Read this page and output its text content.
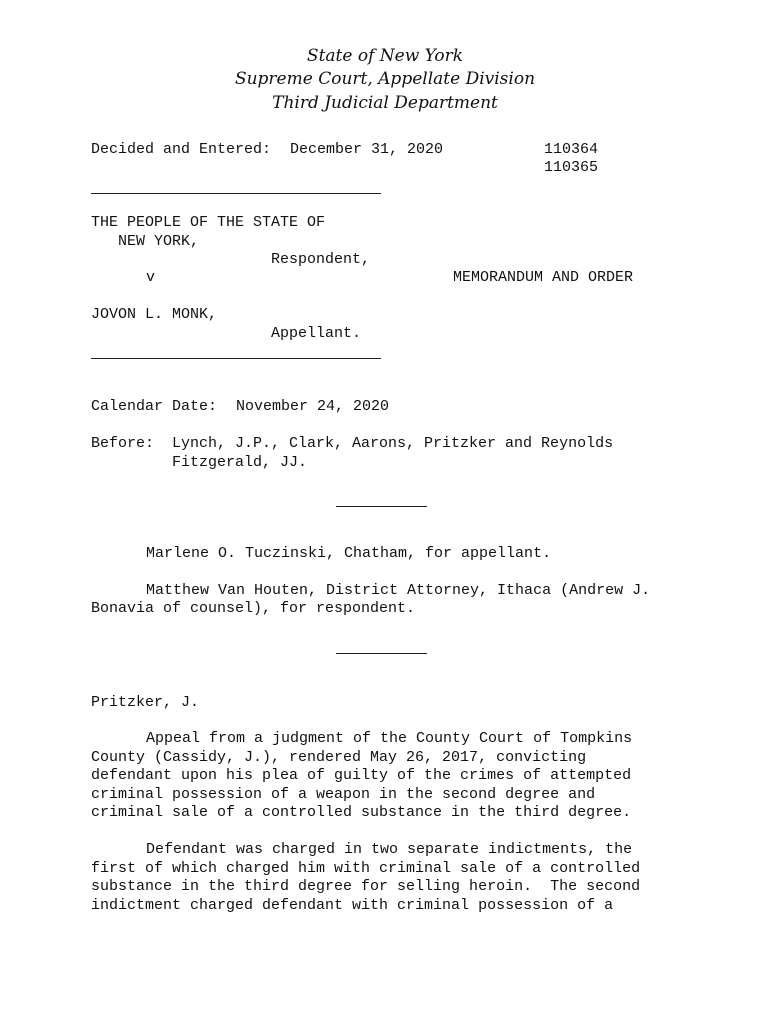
State of New York
Supreme Court, Appellate Division
Third Judicial Department
Decided and Entered: December 31, 2020	110364
110365
THE PEOPLE OF THE STATE OF
NEW YORK,
Respondent,
v	MEMORANDUM AND ORDER
JOVON L. MONK,
Appellant.
Calendar Date: November 24, 2020
Before: Lynch, J.P., Clark, Aarons, Pritzker and Reynolds
Fitzgerald, JJ.
Marlene O. Tuczinski, Chatham, for appellant.
Matthew Van Houten, District Attorney, Ithaca (Andrew J.
Bonavia of counsel), for respondent.
Pritzker, J.
Appeal from a judgment of the County Court of Tompkins
County (Cassidy, J.), rendered May 26, 2017, convicting
defendant upon his plea of guilty of the crimes of attempted
criminal possession of a weapon in the second degree and
criminal sale of a controlled substance in the third degree.
Defendant was charged in two separate indictments, the
first of which charged him with criminal sale of a controlled
substance in the third degree for selling heroin.  The second
indictment charged defendant with criminal possession of a
